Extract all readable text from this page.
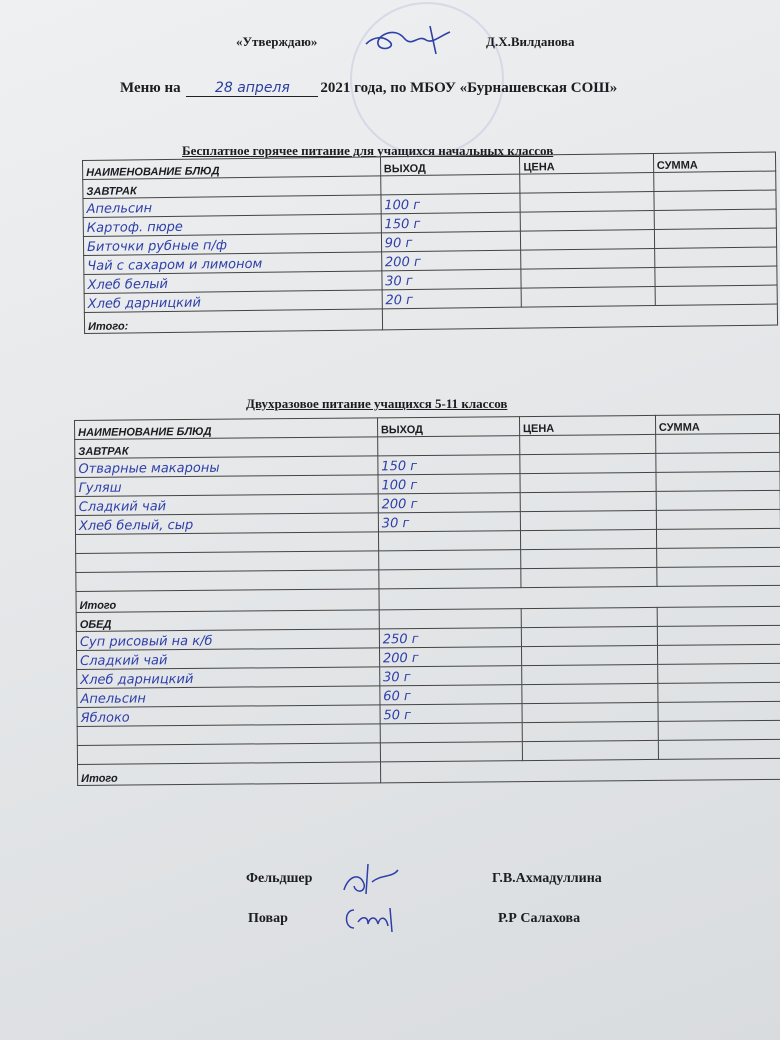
«Утверждаю»	Д.Х.Вилданова
Меню на 28 апреля 2021 года, по МБОУ «Бурнашевская СОШ»
Бесплатное горячее питание для учащихся начальных классов
НАИМЕНОВАНИЕ БЛЮД	ВЫХОД	ЦЕНА	СУММА
ЗАВТРАК			
Апельсин	100 г		
Картоф. пюре	150 г		
Биточки рубные п/ф	90 г		
Чай с сахаром и лимоном	200 г		
Хлеб белый	30 г		
Хлеб дарницкий	20 г		
Итого:			
Двухразовое питание учащихся 5-11 классов
НАИМЕНОВАНИЕ БЛЮД	ВЫХОД	ЦЕНА	СУММА
ЗАВТРАК			
Отварные макароны	150 г		
Гуляш	100 г		
Сладкий чай	200 г		
Хлеб белый, сыр	30 г		

Итого			
ОБЕД			
Суп рисовый на к/б	250 г		
Сладкий чай	200 г		
Хлеб дарницкий	30 г		
Апельсин	60 г		
Яблоко	50 г		

Итого			
Фельдшер	Г.В.Ахмадуллина
Повар	Р.Р Салахова
